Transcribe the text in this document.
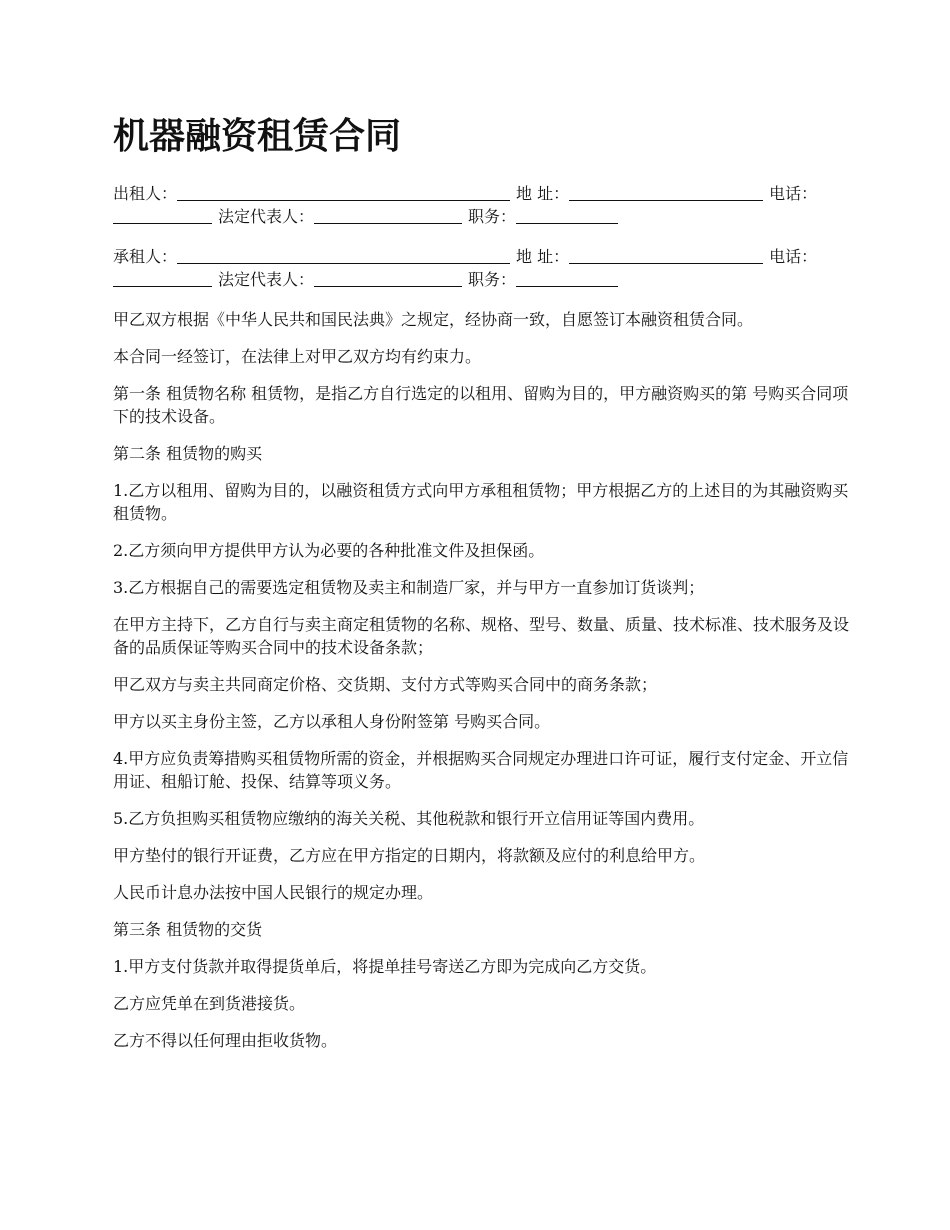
机器融资租赁合同
出租人：	地 址：	电话：
法定代表人：	职务：
承租人：	地 址：	电话：
法定代表人：	职务：

甲乙双方根据《中华人民共和国民法典》之规定，经协商一致，自愿签订本融资租赁合同。

本合同一经签订，在法律上对甲乙双方均有约束力。

第一条 租赁物名称 租赁物，是指乙方自行选定的以租用、留购为目的，甲方融资购买的第 号购买合同项下的技术设备。

第二条 租赁物的购买

1.乙方以租用、留购为目的，以融资租赁方式向甲方承租租赁物；甲方根据乙方的上述目的为其融资购买租赁物。

2.乙方须向甲方提供甲方认为必要的各种批准文件及担保函。

3.乙方根据自己的需要选定租赁物及卖主和制造厂家，并与甲方一直参加订货谈判；

在甲方主持下，乙方自行与卖主商定租赁物的名称、规格、型号、数量、质量、技术标准、技术服务及设备的品质保证等购买合同中的技术设备条款；

甲乙双方与卖主共同商定价格、交货期、支付方式等购买合同中的商务条款；

甲方以买主身份主签，乙方以承租人身份附签第 号购买合同。

4.甲方应负责筹措购买租赁物所需的资金，并根据购买合同规定办理进口许可证，履行支付定金、开立信用证、租船订舱、投保、结算等项义务。

5.乙方负担购买租赁物应缴纳的海关关税、其他税款和银行开立信用证等国内费用。

甲方垫付的银行开证费，乙方应在甲方指定的日期内，将款额及应付的利息给甲方。

人民币计息办法按中国人民银行的规定办理。

第三条 租赁物的交货

1.甲方支付货款并取得提货单后，将提单挂号寄送乙方即为完成向乙方交货。

乙方应凭单在到货港接货。

乙方不得以任何理由拒收货物。
